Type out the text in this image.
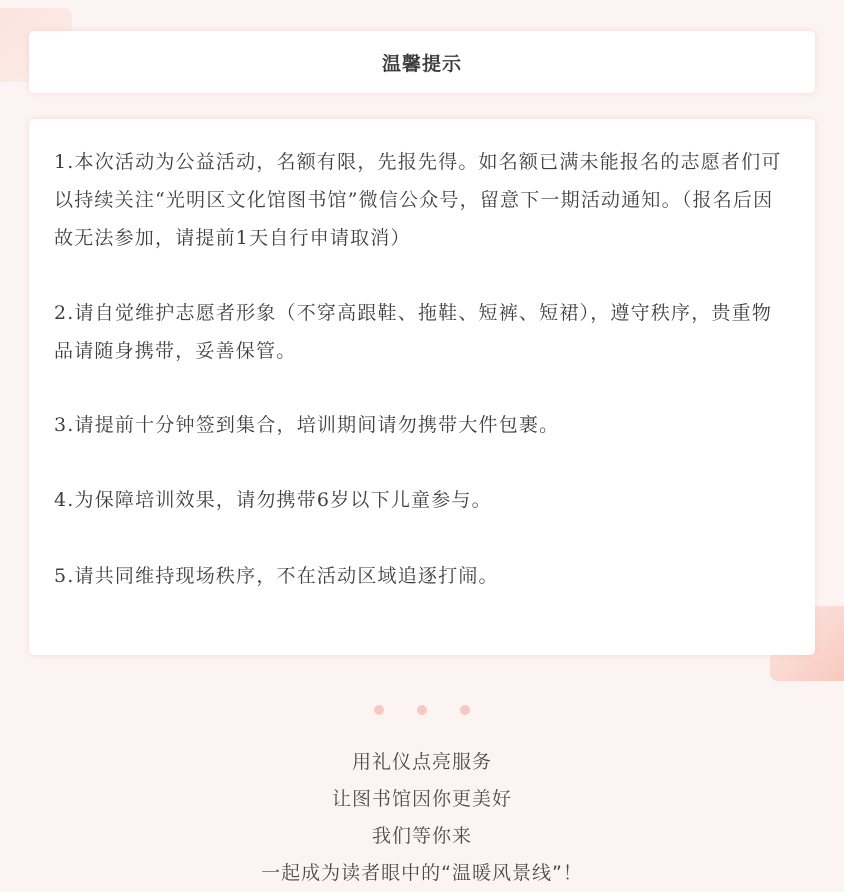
温馨提示

1.本次活动为公益活动，名额有限，先报先得。如名额已满未能报名的志愿者们可以持续关注“光明区文化馆图书馆”微信公众号，留意下一期活动通知。（报名后因故无法参加，请提前1天自行申请取消）

2.请自觉维护志愿者形象（不穿高跟鞋、拖鞋、短裤、短裙），遵守秩序，贵重物品请随身携带，妥善保管。

3.请提前十分钟签到集合，培训期间请勿携带大件包裹。

4.为保障培训效果，请勿携带6岁以下儿童参与。

5.请共同维持现场秩序，不在活动区域追逐打闹。

用礼仪点亮服务
让图书馆因你更美好
我们等你来
一起成为读者眼中的“温暖风景线”！
